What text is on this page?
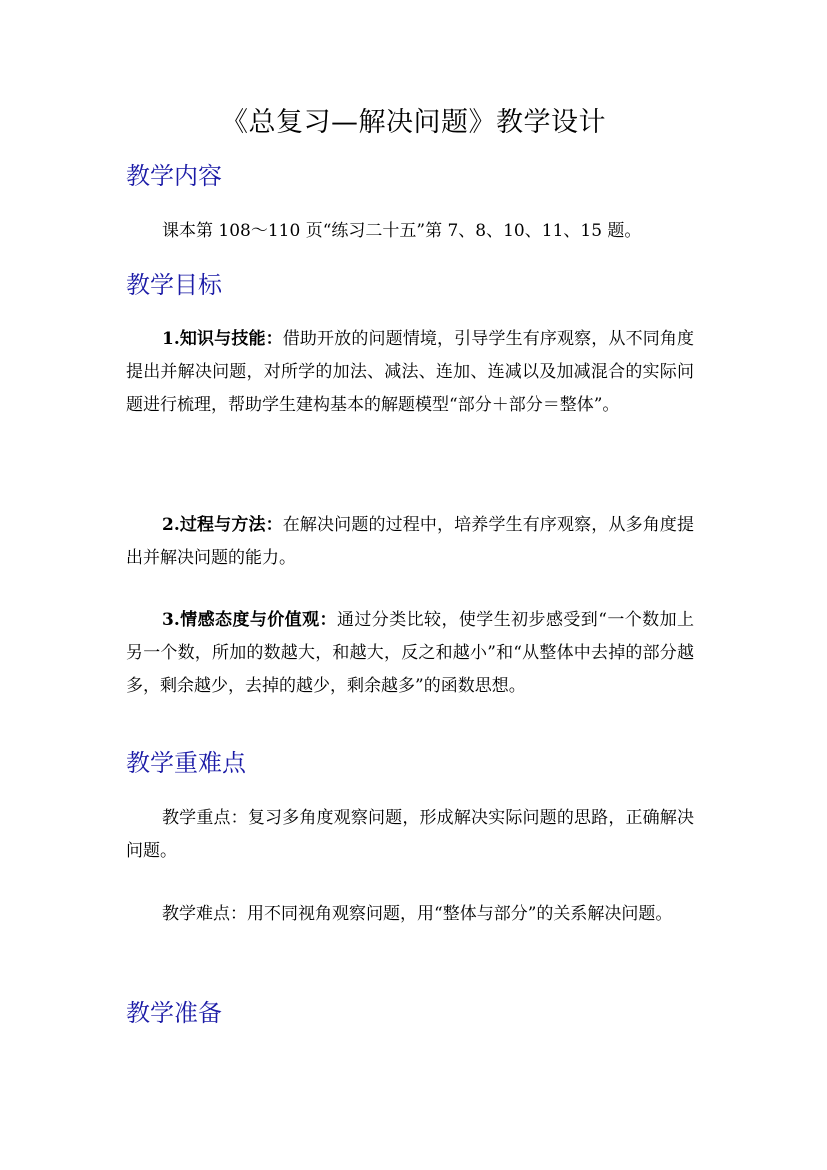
《总复习—解决问题》教学设计
教学内容

课本第 108～110 页“练习二十五”第 7、8、10、11、15 题。

教学目标

1.知识与技能：借助开放的问题情境，引导学生有序观察，从不同角度提出并解决问题，对所学的加法、减法、连加、连减以及加减混合的实际问题进行梳理，帮助学生建构基本的解题模型“部分＋部分＝整体”。

2.过程与方法：在解决问题的过程中，培养学生有序观察，从多角度提出并解决问题的能力。

3.情感态度与价值观：通过分类比较，使学生初步感受到“一个数加上另一个数，所加的数越大，和越大，反之和越小”和“从整体中去掉的部分越多，剩余越少，去掉的越少，剩余越多”的函数思想。

教学重难点

教学重点：复习多角度观察问题，形成解决实际问题的思路，正确解决问题。

教学难点：用不同视角观察问题，用“整体与部分”的关系解决问题。

教学准备
